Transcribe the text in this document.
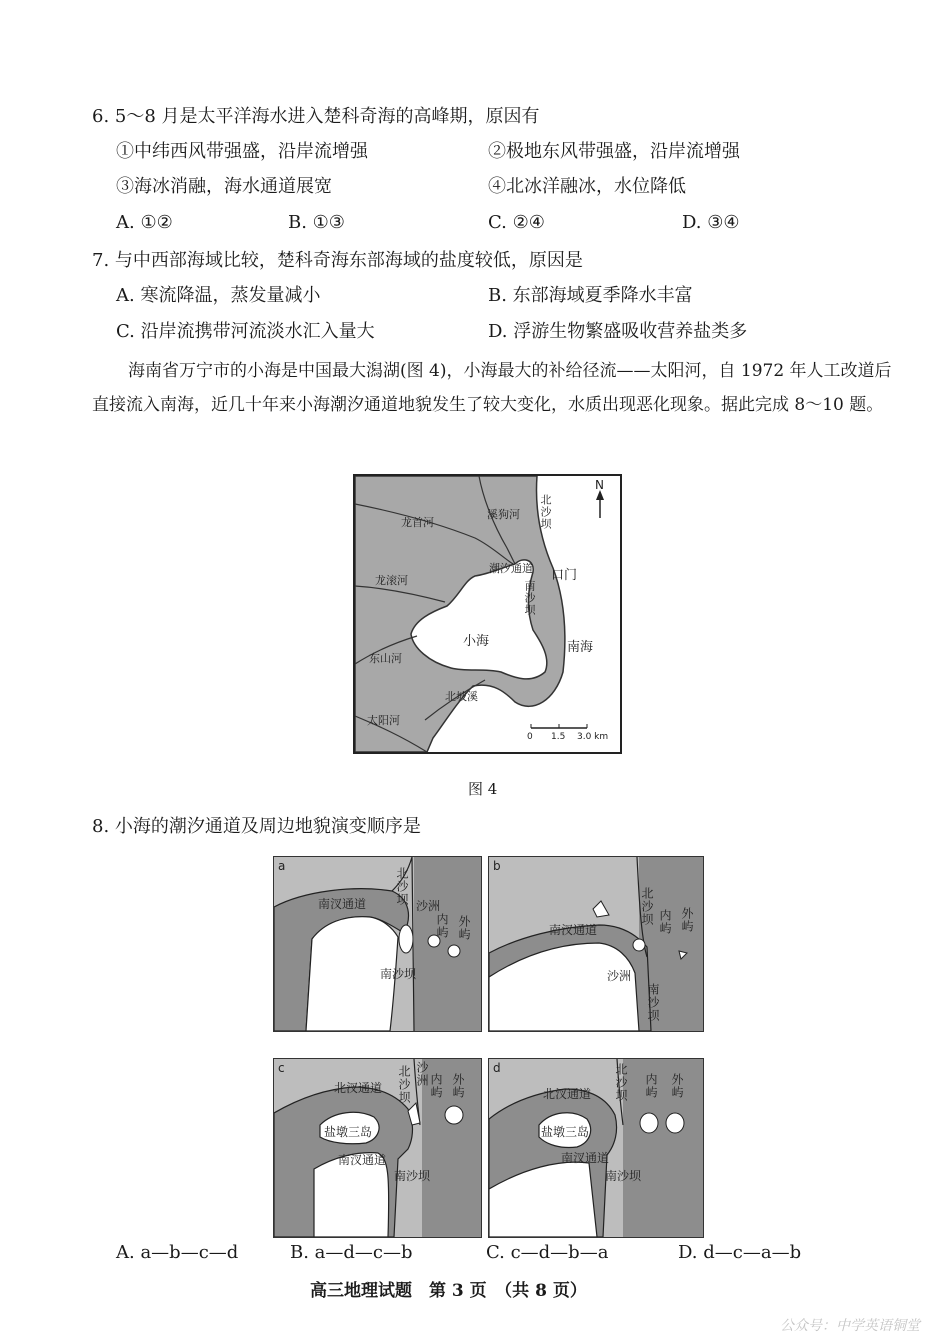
6. 5～8 月是太平洋海水进入楚科奇海的高峰期，原因有
①中纬西风带强盛，沿岸流增强	②极地东风带强盛，沿岸流增强
③海冰消融，海水通道展宽	④北冰洋融冰，水位降低
A. ①②	B. ①③	C. ②④	D. ③④
7. 与中西部海域比较，楚科奇海东部海域的盐度较低，原因是
A. 寒流降温，蒸发量减小	B. 东部海域夏季降水丰富
C. 沿岸流携带河流淡水汇入量大	D. 浮游生物繁盛吸收营养盐类多
海南省万宁市的小海是中国最大潟湖(图 4)，小海最大的补给径流——太阳河，自 1972 年人工改道后直接流入南海，近几十年来小海潮汐通道地貌发生了较大变化，水质出现恶化现象。据此完成 8～10 题。
龙首河
溪狗河 北沙坝
N
潮汐通道 口门
龙滚河	南沙坝
小海	南海
东山河
北坡溪
太阳河
0 1.5 3.0 km
图 4
8. 小海的潮汐通道及周边地貌演变顺序是
a
南汊通道 北沙坝 沙洲
内屿 外屿
南沙坝
b
南汊通道
北沙坝 内屿 外屿
沙洲
南沙坝
c
北汊通道
盐墩三岛
南汊通道
北沙坝 沙洲 内屿 外屿
南沙坝
d
北汊通道
盐墩三岛
南汊通道
北沙坝 内屿 外屿
南沙坝
A. a—b—c—d	B. a—d—c—b	C. c—d—b—a	D. d—c—a—b
高三地理试题　第 3 页　（共 8 页）
公众号：中学英语铜堂
